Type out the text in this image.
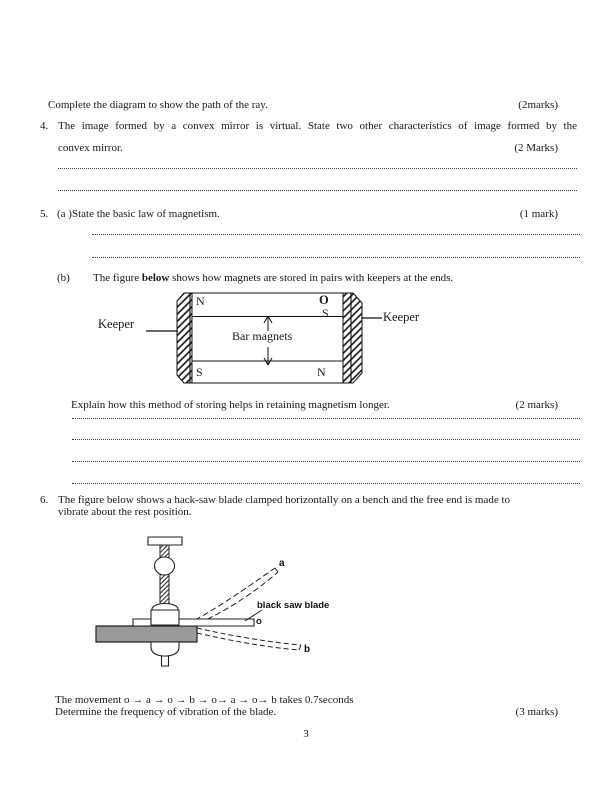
Complete the diagram to show the path of the ray.	(2marks)
4. The image formed by a convex mirror is virtual. State two other characteristics of image formed by the
convex mirror.	(2 Marks)
5. (a )State the basic law of magnetism.	(1 mark)
(b) The figure below shows how magnets are stored in pairs with keepers at the ends.
N	O
S
S	N
Bar magnets
Keeper	Keeper
Explain how this method of storing helps in retaining magnetism longer.	(2 marks)
6. The figure below shows a hack-saw blade clamped horizontally on a bench and the free end is made to
vibrate about the rest position.
a
black saw blade
o
b
The movement o → a → o → b → o→ a → o→ b takes 0.7seconds
Determine the frequency of vibration of the blade.	(3 marks)
3
